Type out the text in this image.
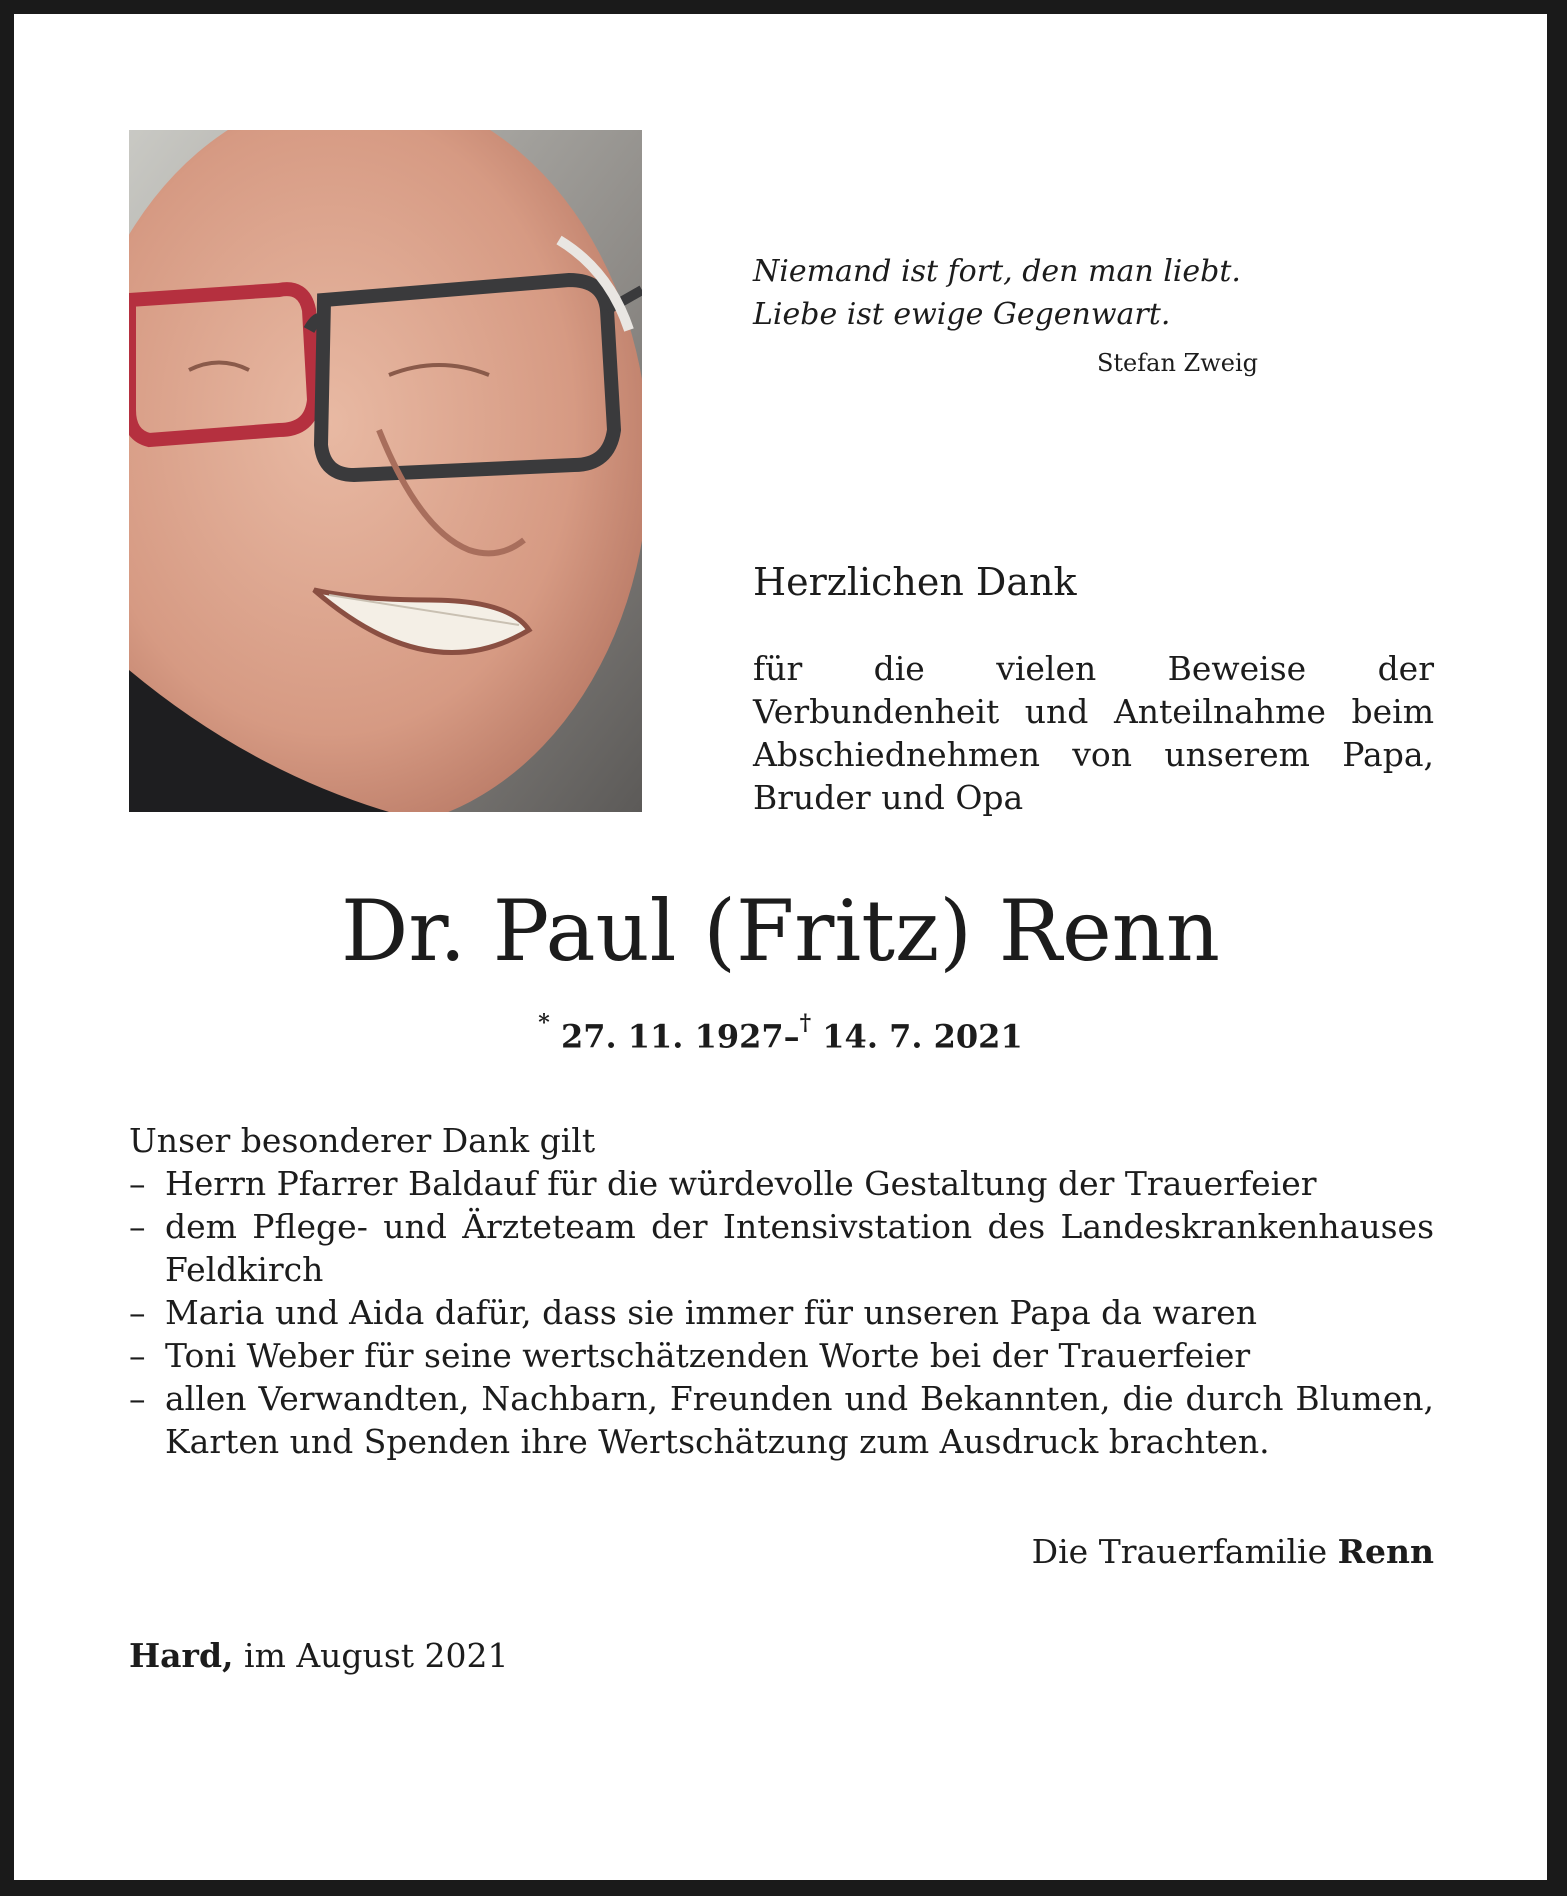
Niemand ist fort, den man liebt.
Liebe ist ewige Gegenwart.
Stefan Zweig
Herzlichen Dank
für die vielen Beweise der Verbundenheit und Anteilnahme beim Abschiednehmen von unserem Papa, Bruder und Opa
Dr. Paul (Fritz) Renn
* 27. 11. 1927–† 14. 7. 2021
Unser besonderer Dank gilt
– Herrn Pfarrer Baldauf für die würdevolle Gestaltung der Trauerfeier
– dem Pflege- und Ärzteteam der Intensivstation des Landeskrankenhauses Feldkirch
– Maria und Aida dafür, dass sie immer für unseren Papa da waren
– Toni Weber für seine wertschätzenden Worte bei der Trauerfeier
– allen Verwandten, Nachbarn, Freunden und Bekannten, die durch Blumen, Karten und Spenden ihre Wertschätzung zum Ausdruck brachten.
Die Trauerfamilie Renn
Hard, im August 2021
